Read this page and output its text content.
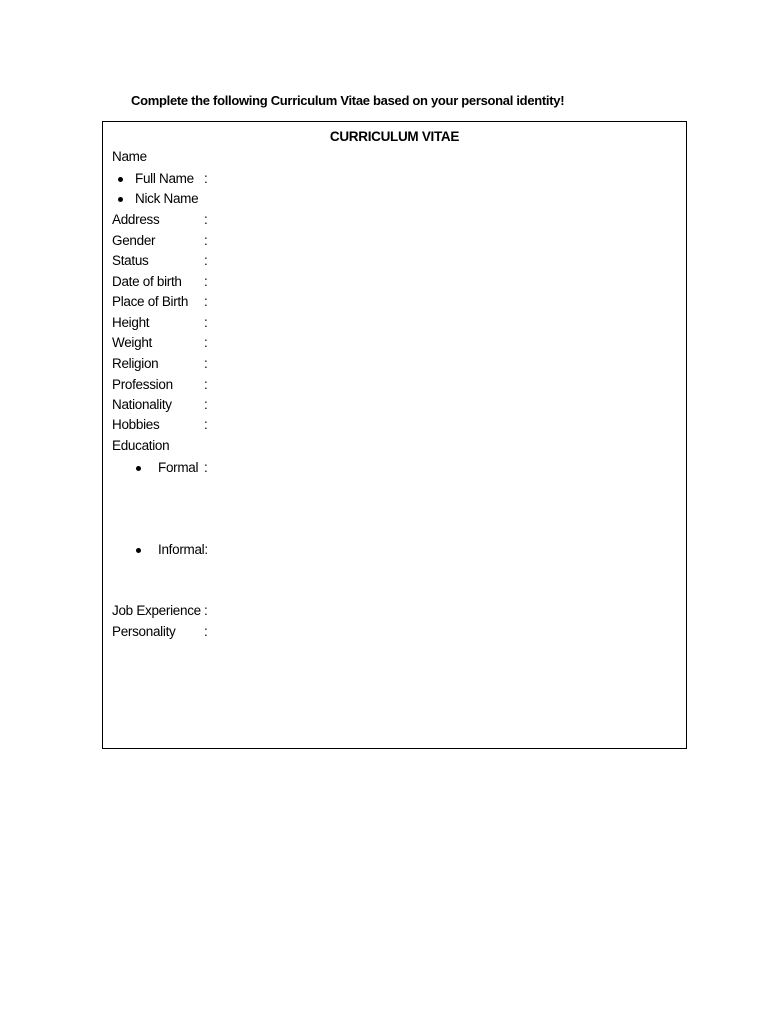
Complete the following Curriculum Vitae based on your personal identity!
CURRICULUM VITAE
Name
Full Name :
Nick Name
Address	:
Gender	:
Status	:
Date of birth :
Place of Birth :
Height	:
Weight	:
Religion	:
Profession :
Nationality :
Hobbies	:
Education
Formal :
Informal:
Job Experience :
Personality :
